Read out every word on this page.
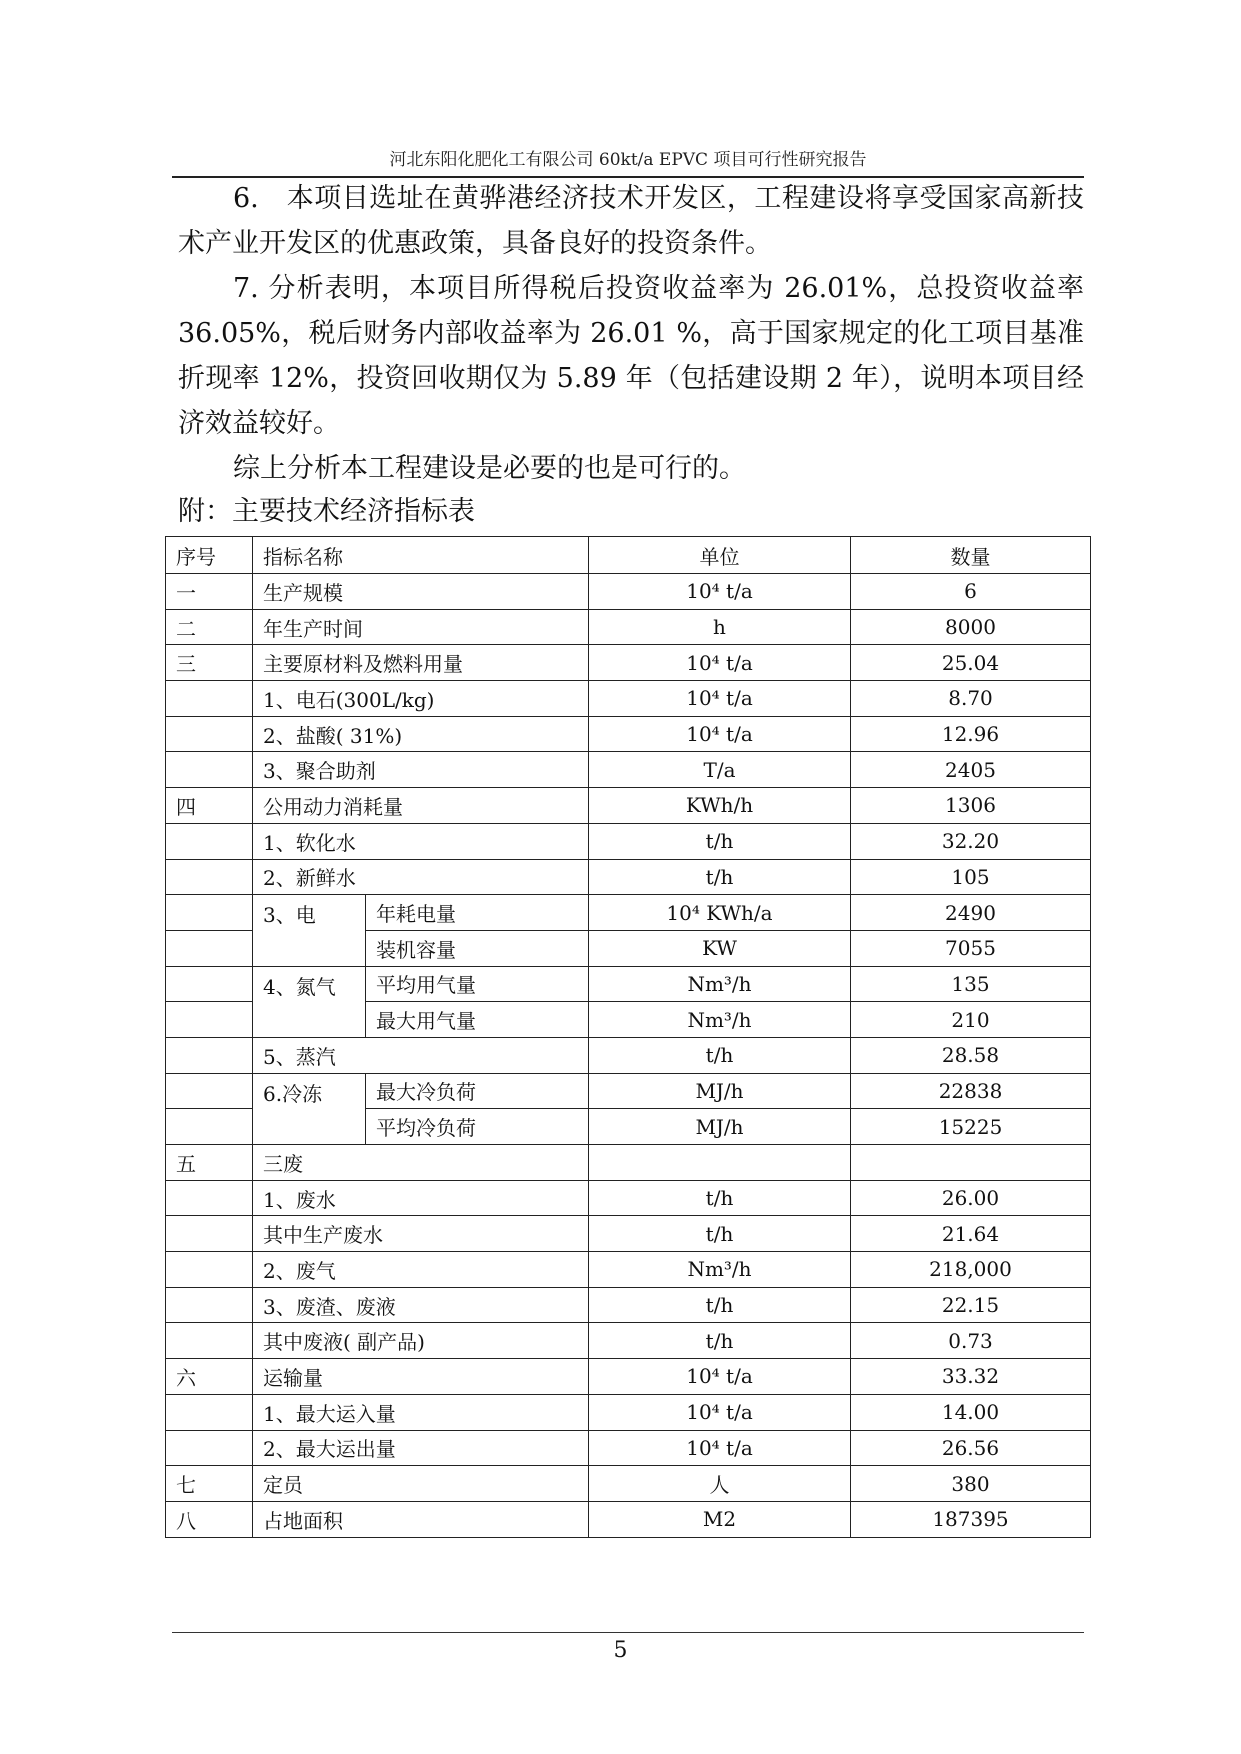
河北东阳化肥化工有限公司 60kt/a EPVC 项目可行性研究报告

6.　本项目选址在黄骅港经济技术开发区，工程建设将享受国家高新技术产业开发区的优惠政策，具备良好的投资条件。

7. 分析表明，本项目所得税后投资收益率为 26.01%，总投资收益率 36.05%，税后财务内部收益率为 26.01 %，高于国家规定的化工项目基准折现率 12%，投资回收期仅为 5.89 年（包括建设期 2 年），说明本项目经济效益较好。

综上分析本工程建设是必要的也是可行的。

附：主要技术经济指标表
序号	指标名称		单位	数量
一	生产规模		10⁴ t/a	6
二	年生产时间		h	8000
三	主要原材料及燃料用量		10⁴ t/a	25.04
	1、电石(300L/kg)		10⁴ t/a	8.70
	2、盐酸( 31%)		10⁴ t/a	12.96
	3、聚合助剂		T/a	2405
四	公用动力消耗量		KWh/h	1306
	1、软化水		t/h	32.20
	2、新鲜水		t/h	105
	3、电	年耗电量	10⁴ KWh/a	2490
		装机容量	KW	7055
	4、氮气	平均用气量	Nm³/h	135
		最大用气量	Nm³/h	210
	5、蒸汽		t/h	28.58
	6.冷冻	最大冷负荷	MJ/h	22838
		平均冷负荷	MJ/h	15225
五	三废			
	1、废水		t/h	26.00
	其中生产废水		t/h	21.64
	2、废气		Nm³/h	218,000
	3、废渣、废液		t/h	22.15
	其中废液( 副产品)		t/h	0.73
六	运输量		10⁴ t/a	33.32
	1、最大运入量		10⁴ t/a	14.00
	2、最大运出量		10⁴ t/a	26.56
七	定员		人	380
八	占地面积		M2	187395
5
